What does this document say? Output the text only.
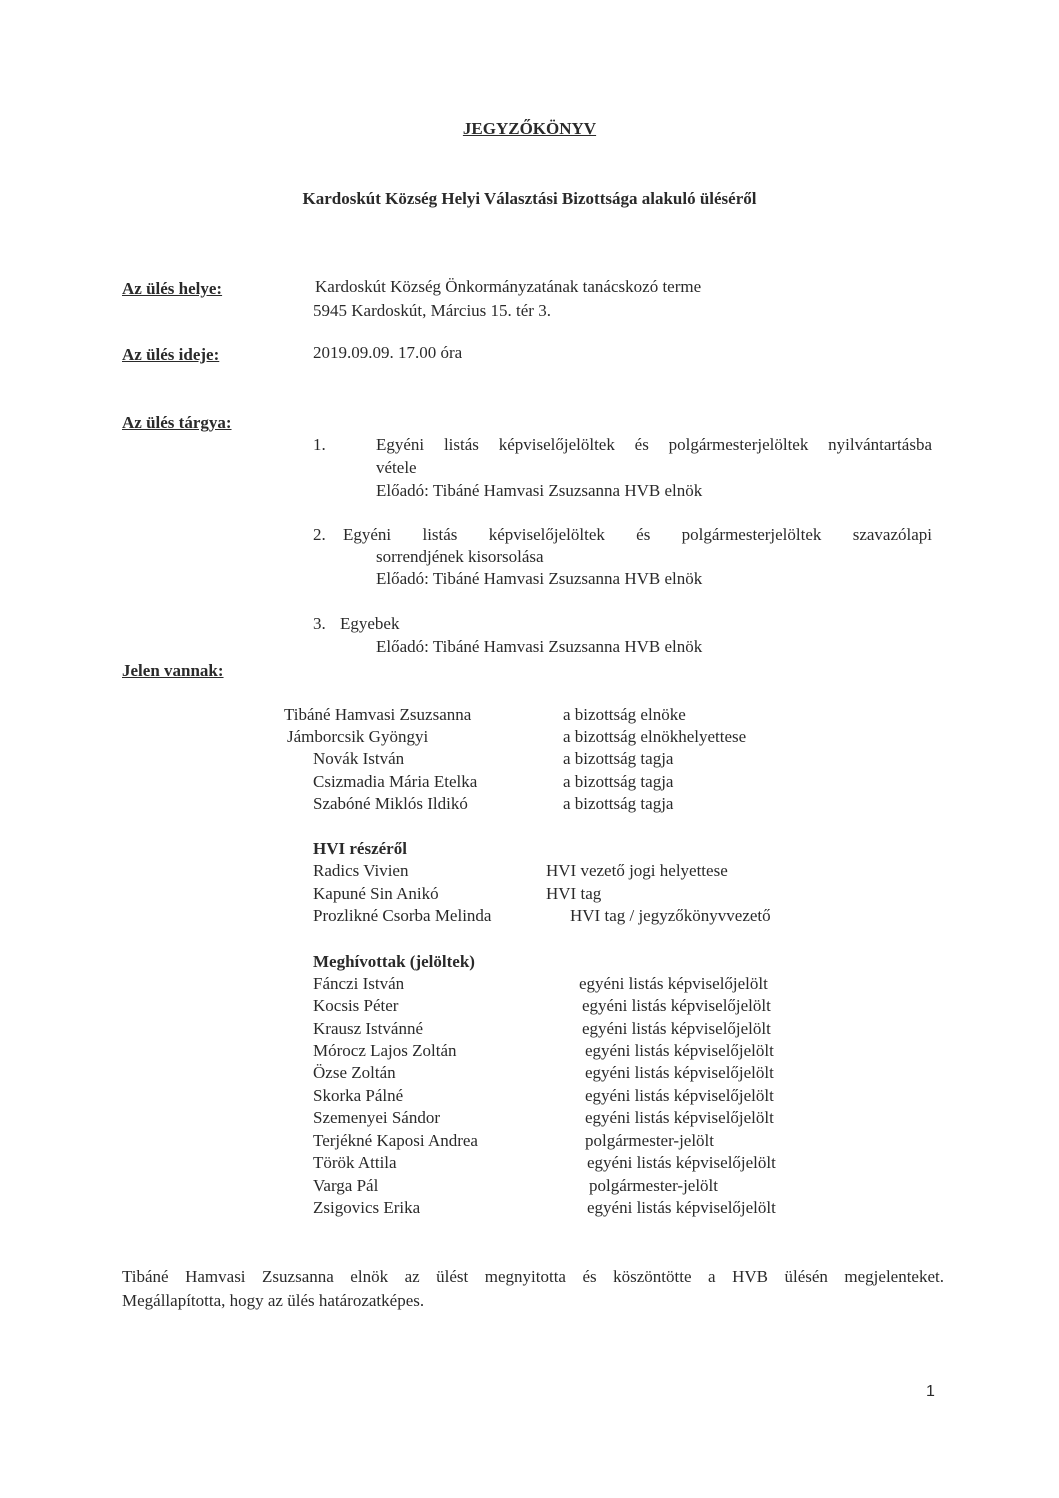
JEGYZŐKÖNYV
Kardoskút Község Helyi Választási Bizottsága alakuló üléséről
Az ülés helye:	Kardoskút Község Önkormányzatának tanácskozó terme
5945 Kardoskút, Március 15. tér 3.
Az ülés ideje:	2019.09.09. 17.00 óra
Az ülés tárgya:
1.	Egyéni listás képviselőjelöltek és polgármesterjelöltek nyilvántartásba
vétele
Előadó: Tibáné Hamvasi Zsuzsanna HVB elnök
2. Egyéni listás képviselőjelöltek és polgármesterjelöltek szavazólapi
sorrendjének kisorsolása
Előadó: Tibáné Hamvasi Zsuzsanna HVB elnök
3. Egyebek
Előadó: Tibáné Hamvasi Zsuzsanna HVB elnök
Jelen vannak:
Tibáné Hamvasi Zsuzsanna	a bizottság elnöke
Jámborcsik Gyöngyi	a bizottság elnökhelyettese
Novák István	a bizottság tagja
Csizmadia Mária Etelka	a bizottság tagja
Szabóné Miklós Ildikó	a bizottság tagja
HVI részéről
Radics Vivien	HVI vezető jogi helyettese
Kapuné Sin Anikó	HVI tag
Prozlikné Csorba Melinda	HVI tag / jegyzőkönyvvezető
Meghívottak (jelöltek)
Fánczi István	egyéni listás képviselőjelölt
Kocsis Péter	egyéni listás képviselőjelölt
Krausz Istvánné	egyéni listás képviselőjelölt
Mórocz Lajos Zoltán	egyéni listás képviselőjelölt
Özse Zoltán	egyéni listás képviselőjelölt
Skorka Pálné	egyéni listás képviselőjelölt
Szemenyei Sándor	egyéni listás képviselőjelölt
Terjékné Kaposi Andrea	polgármester-jelölt
Török Attila	egyéni listás képviselőjelölt
Varga Pál	polgármester-jelölt
Zsigovics Erika	egyéni listás képviselőjelölt
Tibáné Hamvasi Zsuzsanna elnök az ülést megnyitotta és köszöntötte a HVB ülésén megjelenteket.
Megállapította, hogy az ülés határozatképes.
1
